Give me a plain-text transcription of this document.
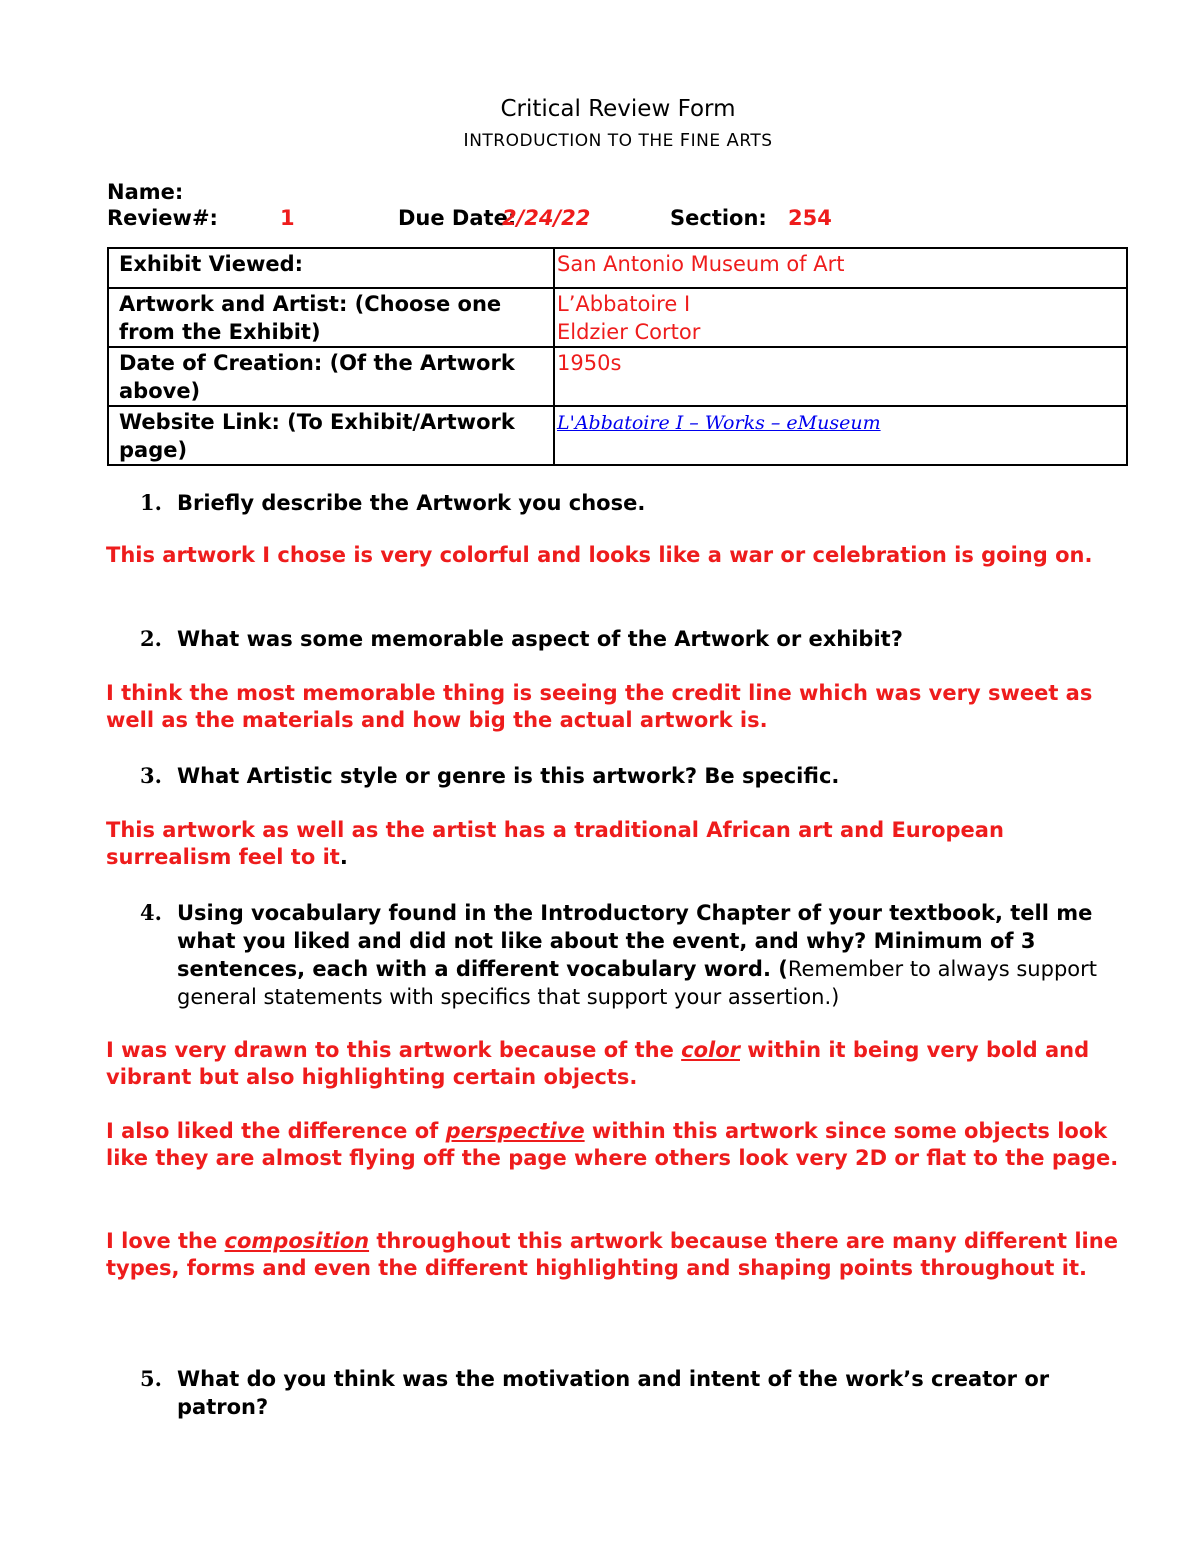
Critical Review Form
INTRODUCTION TO THE FINE ARTS
Name:
Review#:	1	Due Date:
2/24/22	Section: 254
Exhibit Viewed:	San Antonio Museum of Art
Artwork and Artist: (Choose one from the Exhibit)	L’Abbatoire I
Eldzier Cortor

Date of Creation: (Of the Artwork above)	1950s
Website Link: (To Exhibit/Artwork page)	L'Abbatoire I – Works – eMuseum
1. Briefly describe the Artwork you chose.
This artwork I chose is very colorful and looks like a war or celebration is going on.
2. What was some memorable aspect of the Artwork or exhibit?
I think the most memorable thing is seeing the credit line which was very sweet as well as the materials and how big the actual artwork is.
3. What Artistic style or genre is this artwork? Be specific.
This artwork as well as the artist has a traditional African art and European surrealism feel to it.
4. Using vocabulary found in the Introductory Chapter of your textbook, tell me what you liked and did not like about the event, and why? Minimum of 3 sentences, each with a different vocabulary word. (Remember to always support general statements with specifics that support your assertion.)
I was very drawn to this artwork because of the color within it being very bold and vibrant but also highlighting certain objects.
I also liked the difference of perspective within this artwork since some objects look like they are almost flying off the page where others look very 2D or flat to the page.
I love the composition throughout this artwork because there are many different line types, forms and even the different highlighting and shaping points throughout it.
5. What do you think was the motivation and intent of the work’s creator or patron?
